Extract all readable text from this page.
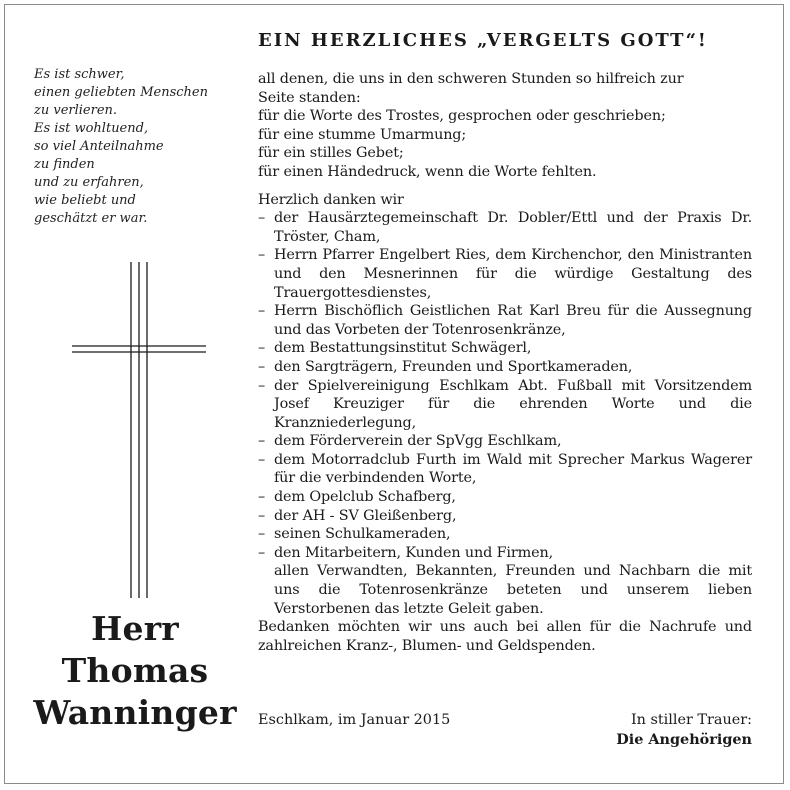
Es ist schwer,
einen geliebten Menschen
zu verlieren.
Es ist wohltuend,
so viel Anteilnahme
zu finden
und zu erfahren,
wie beliebt und
geschätzt er war.
Herr
Thomas
Wanninger
EIN HERZLICHES „VERGELTS GOTT“!
all denen, die uns in den schweren Stunden so hilfreich zur
Seite standen:
für die Worte des Trostes, gesprochen oder geschrieben;
für eine stumme Umarmung;
für ein stilles Gebet;
für einen Händedruck, wenn die Worte fehlten.
Herzlich danken wir
– der Hausärztegemeinschaft Dr. Dobler/Ettl und der Praxis Dr. Tröster, Cham,
– Herrn Pfarrer Engelbert Ries, dem Kirchenchor, den Ministranten und den Mesnerinnen für die würdige Gestaltung des Trauergottesdienstes,
– Herrn Bischöflich Geistlichen Rat Karl Breu für die Aussegnung und das Vorbeten der Totenrosenkränze,
– dem Bestattungsinstitut Schwägerl,
– den Sargträgern, Freunden und Sportkameraden,
– der Spielvereinigung Eschlkam Abt. Fußball mit Vorsitzendem Josef Kreuziger für die ehrenden Worte und die Kranzniederlegung,
– dem Förderverein der SpVgg Eschlkam,
– dem Motorradclub Furth im Wald mit Sprecher Markus Wagerer für die verbindenden Worte,
– dem Opelclub Schafberg,
– der AH - SV Gleißenberg,
– seinen Schulkameraden,
– den Mitarbeitern, Kunden und Firmen,
allen Verwandten, Bekannten, Freunden und Nachbarn die mit uns die Totenrosenkränze beteten und unserem lieben Verstorbenen das letzte Geleit gaben.
Bedanken möchten wir uns auch bei allen für die Nachrufe und zahlreichen Kranz-, Blumen- und Geldspenden.
Eschlkam, im Januar 2015	In stiller Trauer:
Die Angehörigen
